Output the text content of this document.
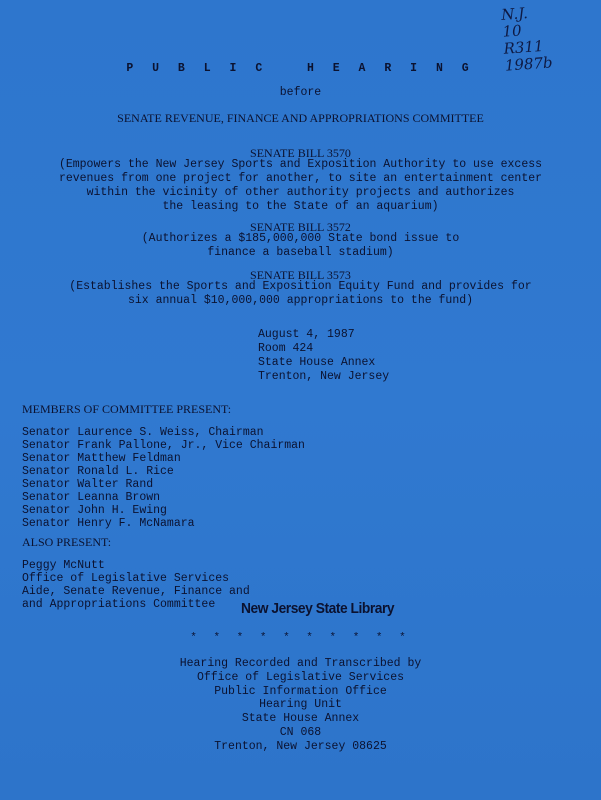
N.J.
10
R311
1987b
P U B L I C   H E A R I N G
before
SENATE REVENUE, FINANCE AND APPROPRIATIONS COMMITTEE
SENATE BILL 3570
(Empowers the New Jersey Sports and Exposition Authority to use excess
revenues from one project for another, to site an entertainment center
within the vicinity of other authority projects and authorizes
the leasing to the State of an aquarium)
SENATE BILL 3572
(Authorizes a $185,000,000 State bond issue to
finance a baseball stadium)
SENATE BILL 3573
(Establishes the Sports and Exposition Equity Fund and provides for
six annual $10,000,000 appropriations to the fund)
August 4, 1987
Room 424
State House Annex
Trenton, New Jersey
MEMBERS OF COMMITTEE PRESENT:
Senator Laurence S. Weiss, Chairman
Senator Frank Pallone, Jr., Vice Chairman
Senator Matthew Feldman
Senator Ronald L. Rice
Senator Walter Rand
Senator Leanna Brown
Senator John H. Ewing
Senator Henry F. McNamara
ALSO PRESENT:
Peggy McNutt
Office of Legislative Services
Aide, Senate Revenue, Finance and
and Appropriations Committee	New Jersey State Library
* * * * * * * * * *
Hearing Recorded and Transcribed by
Office of Legislative Services
Public Information Office
Hearing Unit
State House Annex
CN 068
Trenton, New Jersey 08625
